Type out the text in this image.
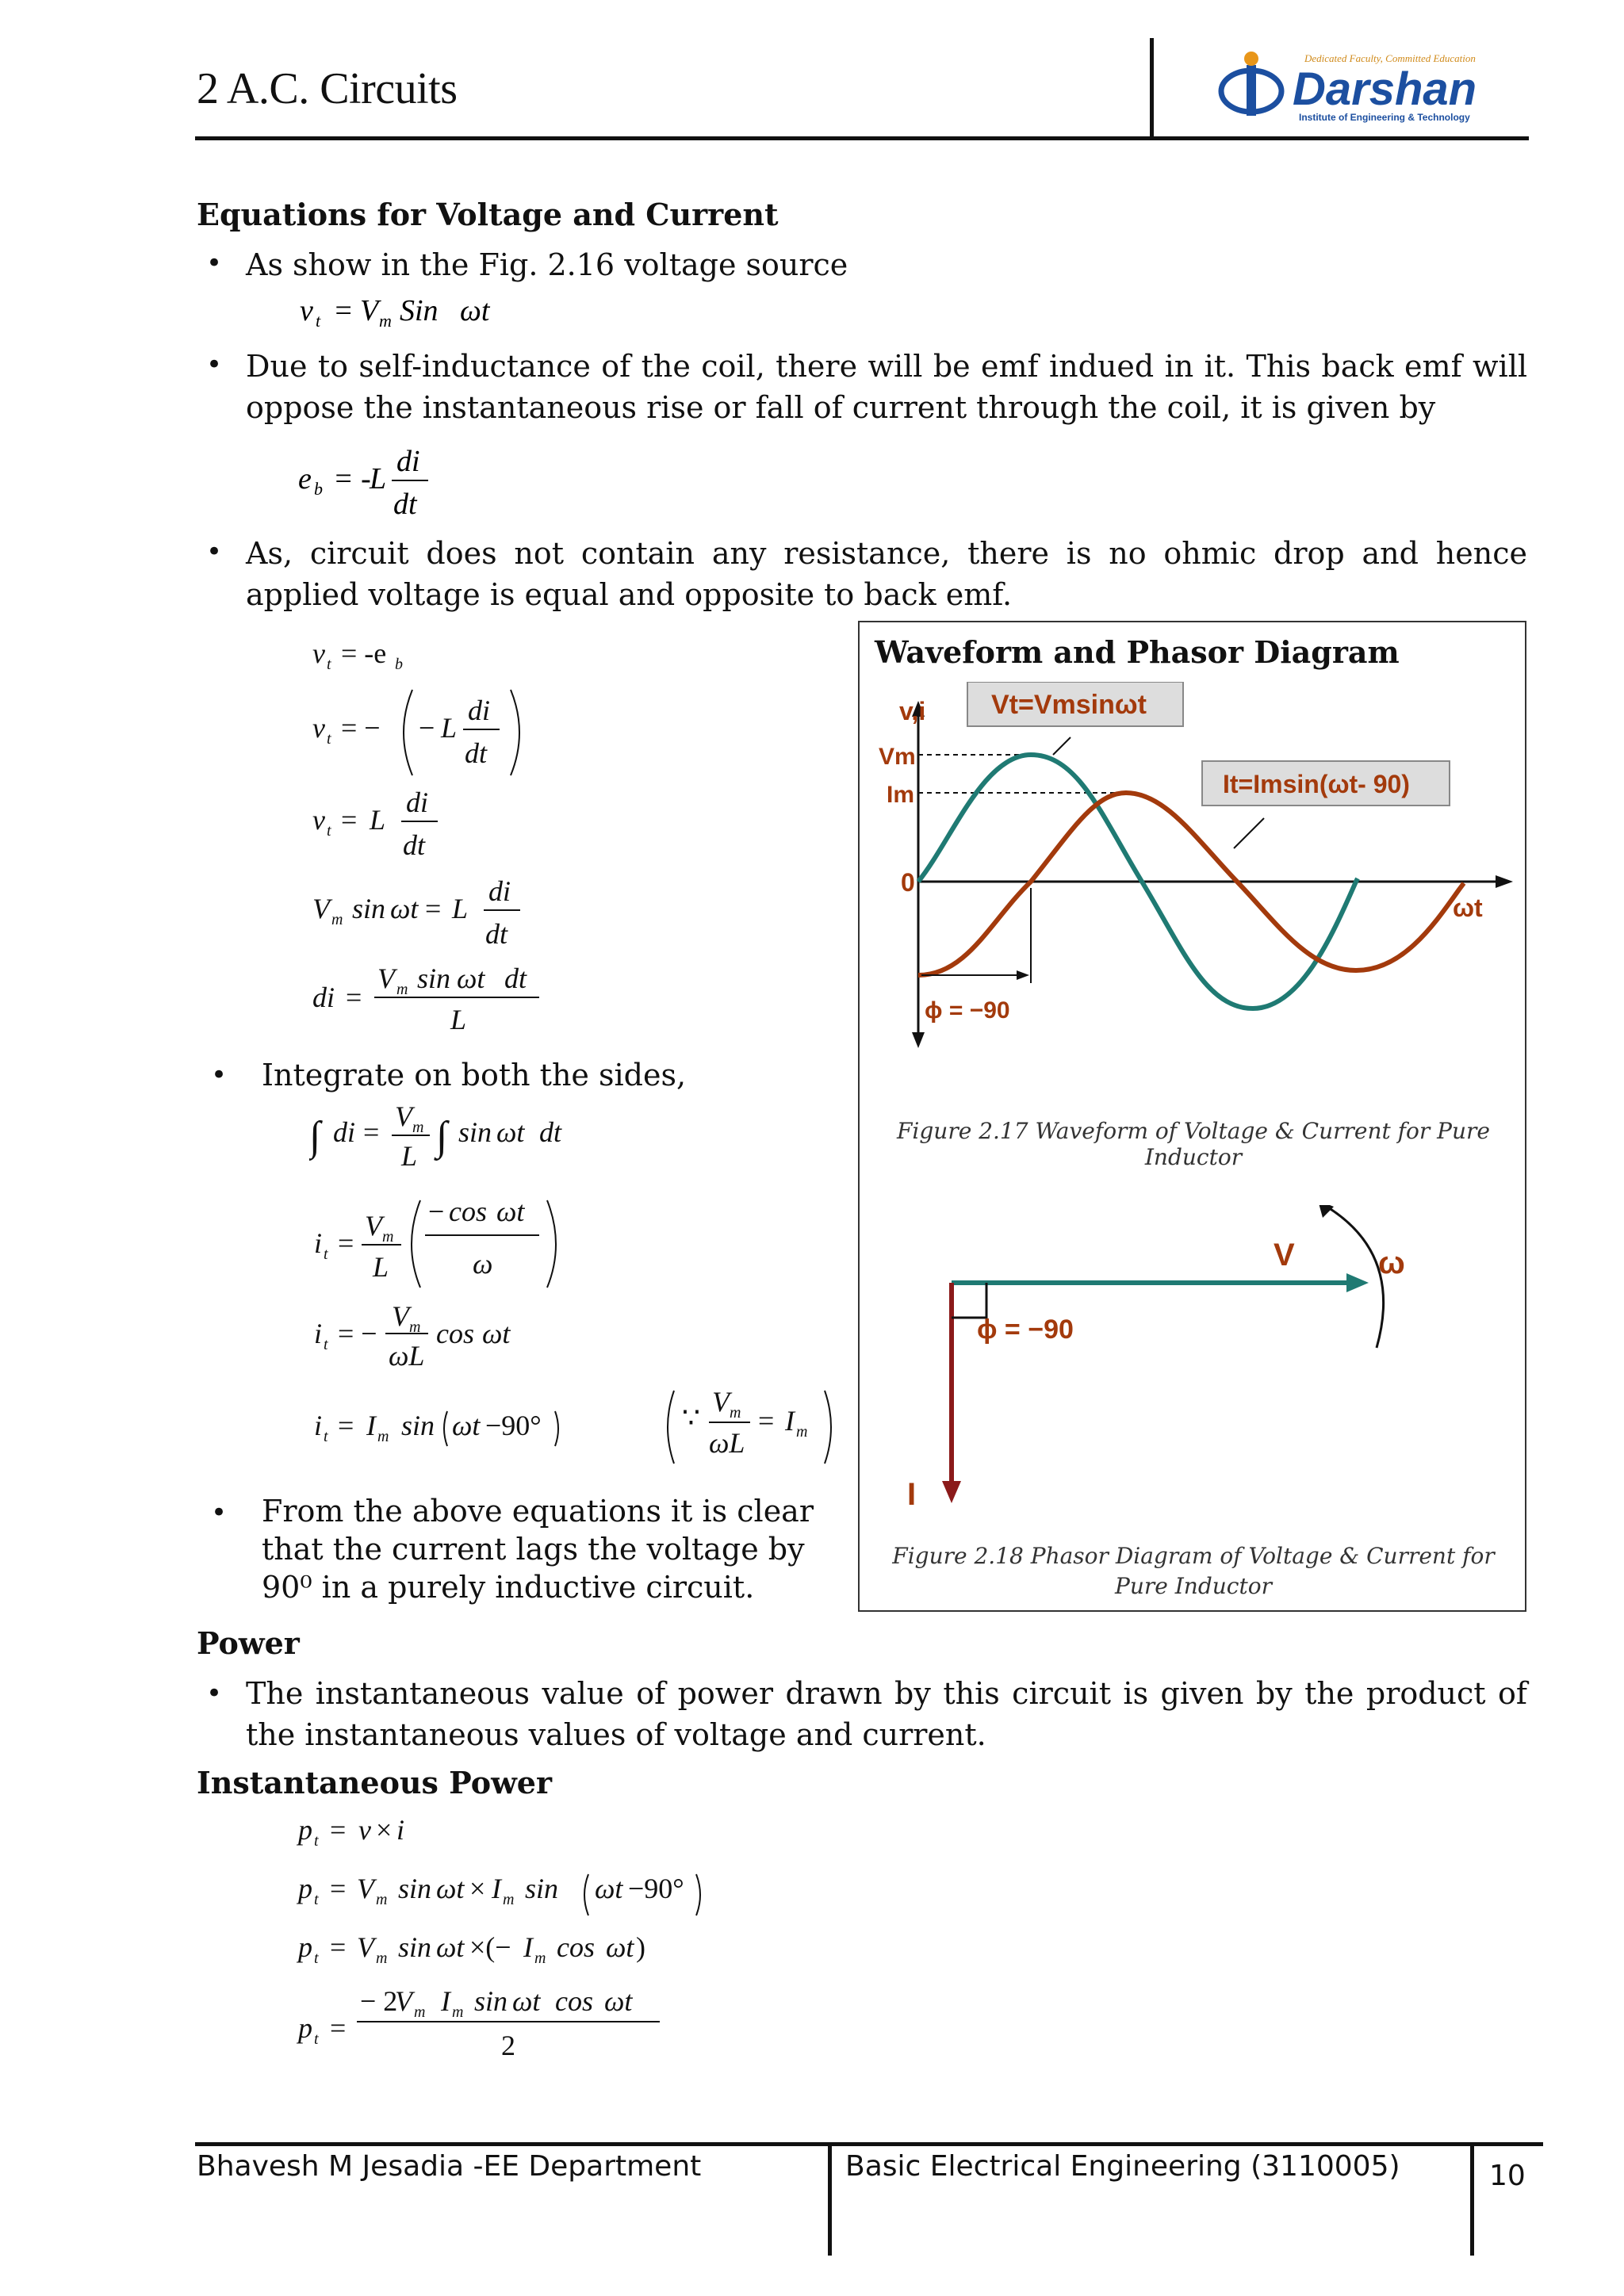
2 A.C. Circuits
Dedicated Faculty, Committed Education
Darshan
Institute of Engineering & Technology
Equations for Voltage and Current
• As show in the Fig. 2.16 voltage source
v t = V m Sin ωt
• Due to self-inductance of the coil, there will be emf indued in it. This back emf will oppose the instantaneous rise or fall of current through the coil, it is given by
e b = -
L
di
dt
• As, circuit does not contain any resistance, there is no ohmic drop and hence applied voltage is equal and opposite to back emf.
v t = -e b
v t = − − L
di
dt
v t = L
di
dt
V m sin ωt = L
di
dt
di =
V m sin ωt dt
L
• Integrate on both the sides,
∫ di = V m
L ∫ sin ωt dt
i t =
V m
L
− cos ωt
ω
i t = −
V m
ωL
cos ωt
i t = I m sin ωt −90°	∵ V m
ωL
= I m
• From the above equations it is clear that the current lags the voltage by 90⁰ in a purely inductive circuit.
Waveform and Phasor Diagram
Vt=Vmsinωt
It=Imsin(ωt- 90)
v,i
Vm
Im
0
ωt
ϕ = −90
Figure 2.17 Waveform of Voltage & Current for Pure Inductor
V	ω
ϕ = −90
I
Figure 2.18 Phasor Diagram of Voltage & Current for Pure Inductor
Power
• The instantaneous value of power drawn by this circuit is given by the product of the instantaneous values of voltage and current.
Instantaneous Power
p t = v × i
p t = V m sin ωt × I m sin ωt −90°
p t = V m sin ωt ×(− I m cos ωt )
p t =
− 2
V m I m sin ωt cos ωt
2
Bhavesh M Jesadia -EE Department	Basic Electrical Engineering (3110005)	10
